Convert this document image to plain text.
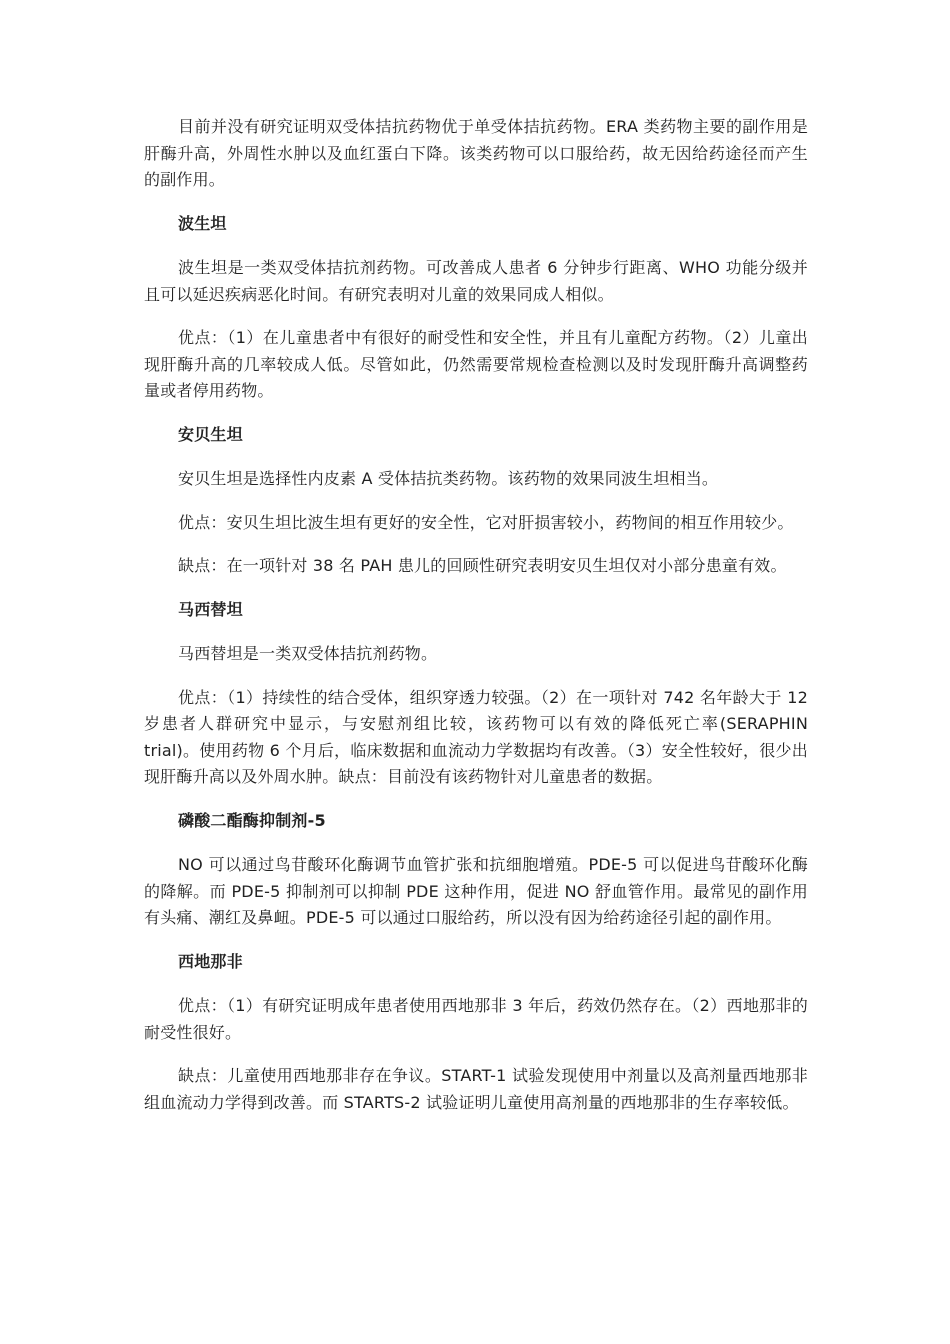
目前并没有研究证明双受体拮抗药物优于单受体拮抗药物。ERA 类药物主要的副作用是肝酶升高，外周性水肿以及血红蛋白下降。该类药物可以口服给药，故无因给药途径而产生的副作用。

波生坦

波生坦是一类双受体拮抗剂药物。可改善成人患者 6 分钟步行距离、WHO 功能分级并且可以延迟疾病恶化时间。有研究表明对儿童的效果同成人相似。

优点：（1）在儿童患者中有很好的耐受性和安全性，并且有儿童配方药物。（2）儿童出现肝酶升高的几率较成人低。尽管如此，仍然需要常规检查检测以及时发现肝酶升高调整药量或者停用药物。

安贝生坦

安贝生坦是选择性内皮素 A 受体拮抗类药物。该药物的效果同波生坦相当。

优点：安贝生坦比波生坦有更好的安全性，它对肝损害较小，药物间的相互作用较少。

缺点：在一项针对 38 名 PAH 患儿的回顾性研究表明安贝生坦仅对小部分患童有效。

马西替坦

马西替坦是一类双受体拮抗剂药物。

优点：（1）持续性的结合受体，组织穿透力较强。（2）在一项针对 742 名年龄大于 12 岁患者人群研究中显示，与安慰剂组比较，该药物可以有效的降低死亡率(SERAPHIN trial)。使用药物 6 个月后，临床数据和血流动力学数据均有改善。（3）安全性较好，很少出现肝酶升高以及外周水肿。缺点：目前没有该药物针对儿童患者的数据。

磷酸二酯酶抑制剂-5

NO 可以通过鸟苷酸环化酶调节血管扩张和抗细胞增殖。PDE-5 可以促进鸟苷酸环化酶的降解。而 PDE-5 抑制剂可以抑制 PDE 这种作用，促进 NO 舒血管作用。最常见的副作用有头痛、潮红及鼻衄。PDE-5 可以通过口服给药，所以没有因为给药途径引起的副作用。

西地那非

优点：（1）有研究证明成年患者使用西地那非 3 年后，药效仍然存在。（2）西地那非的耐受性很好。

缺点：儿童使用西地那非存在争议。START-1 试验发现使用中剂量以及高剂量西地那非组血流动力学得到改善。而 STARTS-2 试验证明儿童使用高剂量的西地那非的生存率较低。
